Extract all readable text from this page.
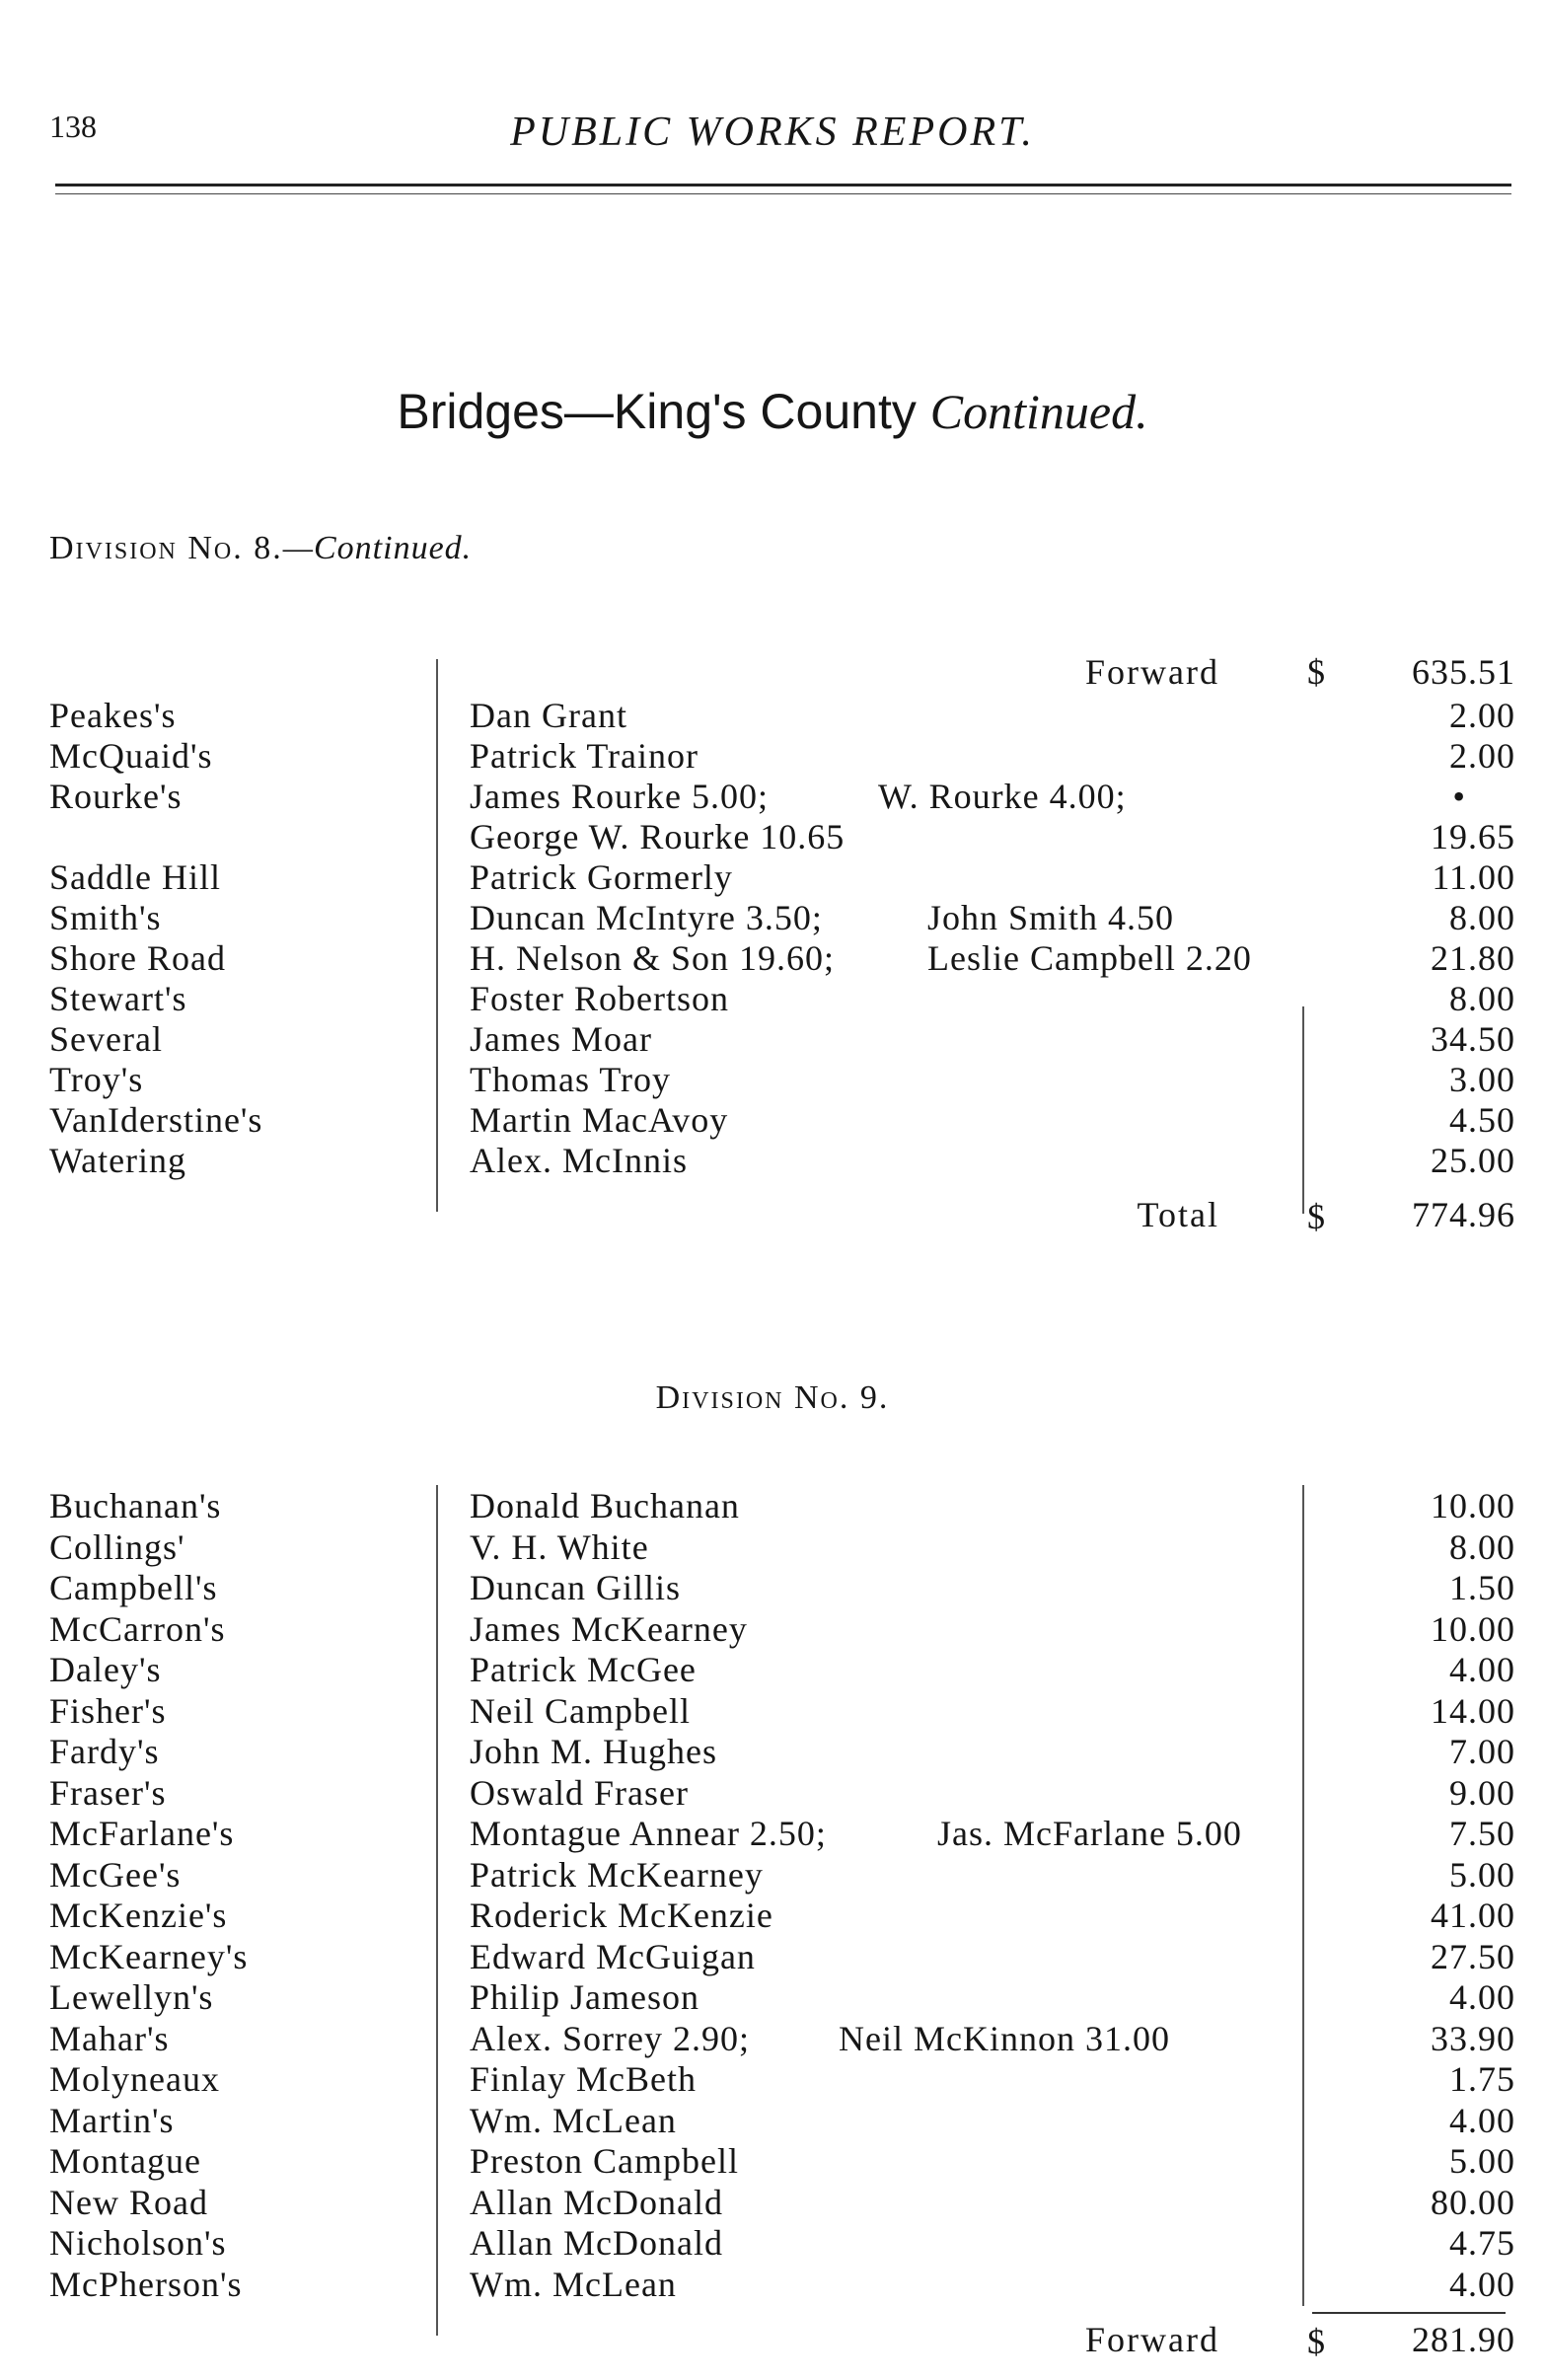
138	PUBLIC WORKS REPORT.
Bridges—King's County Continued.
Division No. 8.—Continued.
Forward $ 635.51
Peakes's	Dan Grant	2.00
McQuaid's	Patrick Trainor	2.00
Rourke's	James Rourke 5.00;	W. Rourke 4.00;	•
George W. Rourke 10.65	19.65
Saddle Hill	Patrick Gormerly	11.00
Smith's	Duncan McIntyre 3.50;	John Smith 4.50	8.00
Shore Road	H. Nelson & Son 19.60;	Leslie Campbell 2.20	21.80
Stewart's	Foster Robertson	8.00
Several	James Moar	34.50
Troy's	Thomas Troy	3.00
VanIderstine's	Martin MacAvoy	4.50
Watering	Alex. McInnis	25.00
Total $ 774.96
Division No. 9.
Buchanan's	Donald Buchanan	10.00
Collings'	V. H. White	8.00
Campbell's	Duncan Gillis	1.50
McCarron's	James McKearney	10.00
Daley's	Patrick McGee	4.00
Fisher's	Neil Campbell	14.00
Fardy's	John M. Hughes	7.00
Fraser's	Oswald Fraser	9.00
McFarlane's	Montague Annear 2.50;	Jas. McFarlane 5.00	7.50
McGee's	Patrick McKearney	5.00
McKenzie's	Roderick McKenzie	41.00
McKearney's	Edward McGuigan	27.50
Lewellyn's	Philip Jameson	4.00
Mahar's	Alex. Sorrey 2.90;	Neil McKinnon 31.00	33.90
Molyneaux	Finlay McBeth	1.75
Martin's	Wm. McLean	4.00
Montague	Preston Campbell	5.00
New Road	Allan McDonald	80.00
Nicholson's	Allan McDonald	4.75
McPherson's	Wm. McLean	4.00
Forward $ 281.90
